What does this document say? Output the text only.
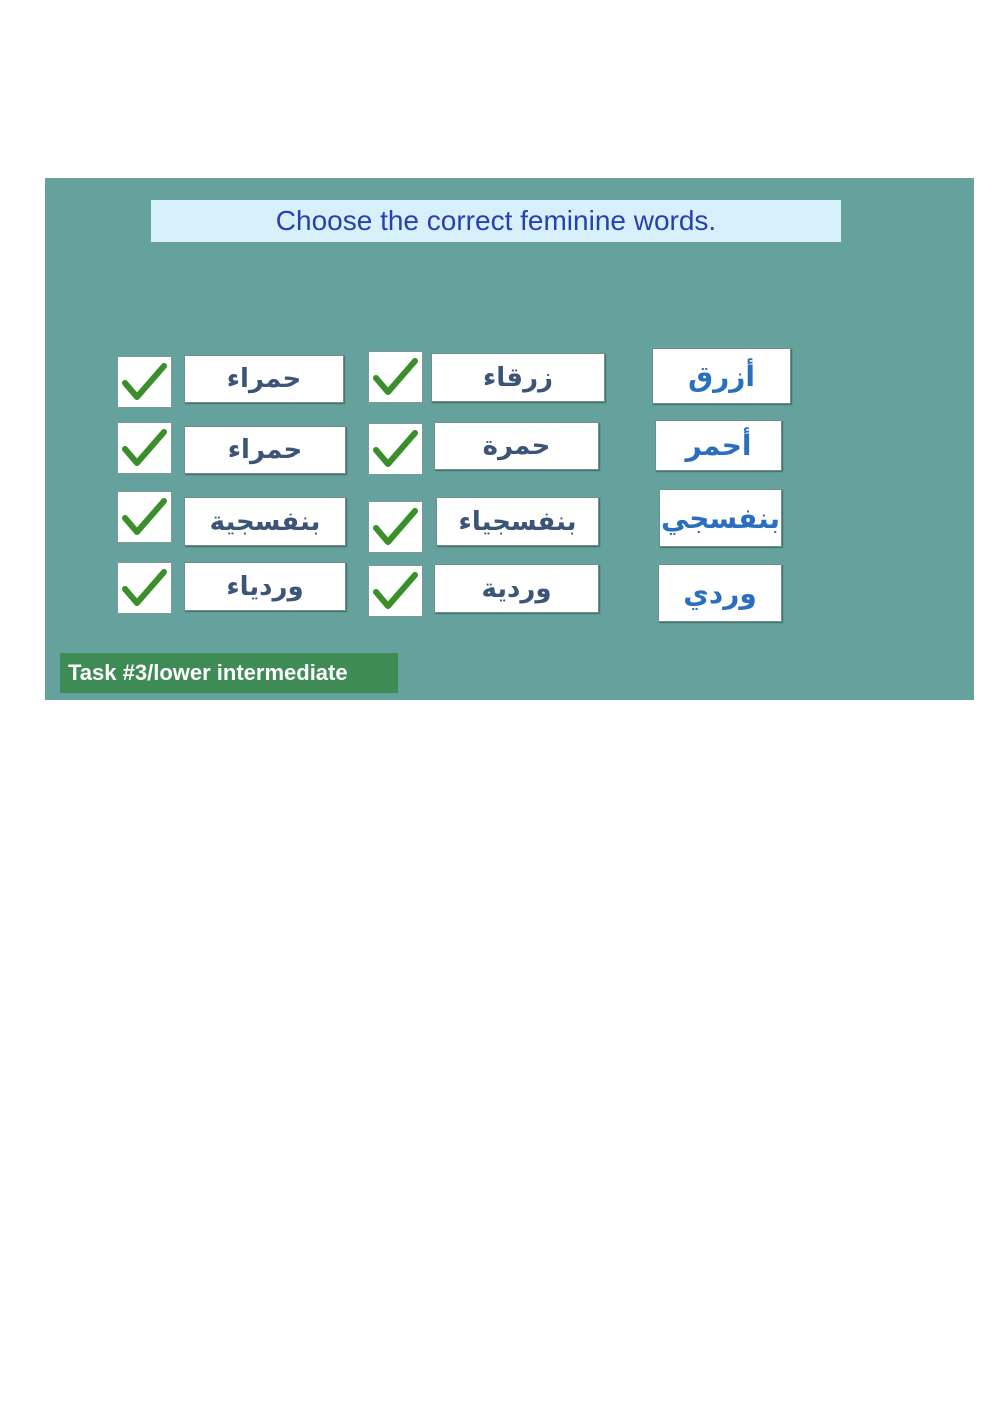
Choose the correct feminine words.
حمراء	زرقاء	أزرق
حمراء	حمرة	أحمر
بنفسجية	بنفسجياء	بنفسجي
ورديا​ء	وردية	وردي
Task #3/lower intermediate
